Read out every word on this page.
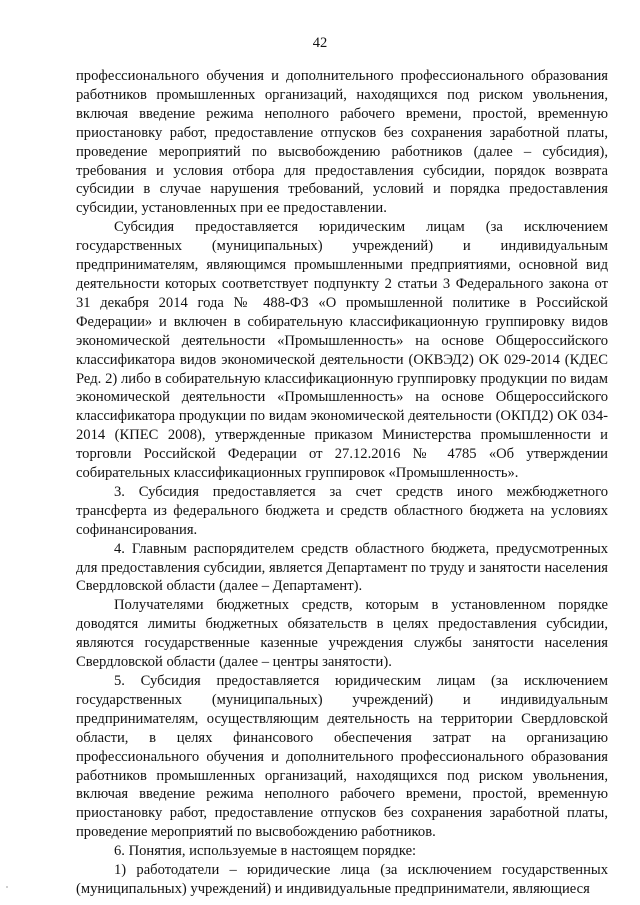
42

профессионального обучения и дополнительного профессионального образования работников промышленных организаций, находящихся под риском увольнения, включая введение режима неполного рабочего времени, простой, временную приостановку работ, предоставление отпусков без сохранения заработной платы, проведение мероприятий по высвобождению работников (далее – субсидия), требования и условия отбора для предоставления субсидии, порядок возврата субсидии в случае нарушения требований, условий и порядка предоставления субсидии, установленных при ее предоставлении.

Субсидия предоставляется юридическим лицам (за исключением государственных (муниципальных) учреждений) и индивидуальным предпринимателям, являющимся промышленными предприятиями, основной вид деятельности которых соответствует подпункту 2 статьи 3 Федерального закона от 31 декабря 2014 года № 488-ФЗ «О промышленной политике в Российской Федерации» и включен в собирательную классификационную группировку видов экономической деятельности «Промышленность» на основе Общероссийского классификатора видов экономической деятельности (ОКВЭД2) ОК 029-2014 (КДЕС Ред. 2) либо в собирательную классификационную группировку продукции по видам экономической деятельности «Промышленность» на основе Общероссийского классификатора продукции по видам экономической деятельности (ОКПД2) ОК 034-2014 (КПЕС 2008), утвержденные приказом Министерства промышленности и торговли Российской Федерации от 27.12.2016 № 4785 «Об утверждении собирательных классификационных группировок «Промышленность».

3. Субсидия предоставляется за счет средств иного межбюджетного трансферта из федерального бюджета и средств областного бюджета на условиях софинансирования.

4. Главным распорядителем средств областного бюджета, предусмотренных для предоставления субсидии, является Департамент по труду и занятости населения Свердловской области (далее – Департамент).

Получателями бюджетных средств, которым в установленном порядке доводятся лимиты бюджетных обязательств в целях предоставления субсидии, являются государственные казенные учреждения службы занятости населения Свердловской области (далее – центры занятости).

5. Субсидия предоставляется юридическим лицам (за исключением государственных (муниципальных) учреждений) и индивидуальным предпринимателям, осуществляющим деятельность на территории Свердловской области, в целях финансового обеспечения затрат на организацию профессионального обучения и дополнительного профессионального образования работников промышленных организаций, находящихся под риском увольнения, включая введение режима неполного рабочего времени, простой, временную приостановку работ, предоставление отпусков без сохранения заработной платы, проведение мероприятий по высвобождению работников.

6. Понятия, используемые в настоящем порядке:

1) работодатели – юридические лица (за исключением государственных (муниципальных) учреждений) и индивидуальные предприниматели, являющиеся
